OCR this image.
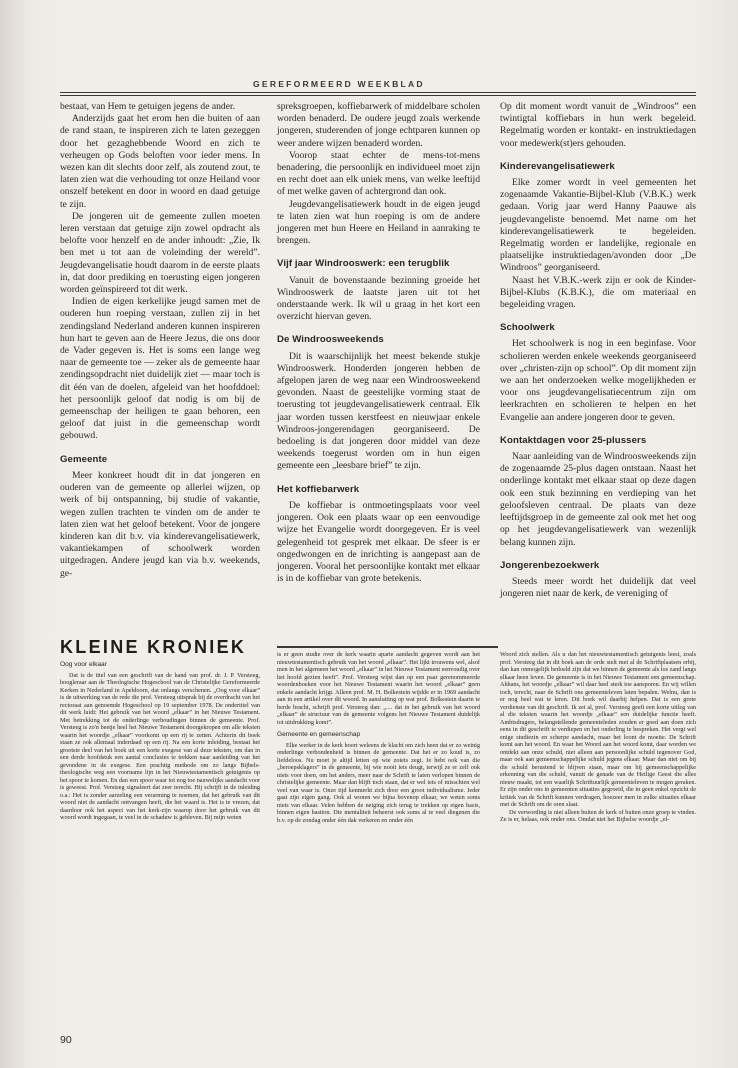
GEREFORMEERD WEEKBLAD

bestaat, van Hem te getuigen jegens de ander.

Anderzijds gaat het erom hen die buiten of aan de rand staan, te inspireren zich te laten gezeggen door het gezaghebbende Woord en zich te verheugen op Gods beloften voor ieder mens. In wezen kan dit slechts door zelf, als zoutend zout, te laten zien wat die verhouding tot onze Heiland voor onszelf betekent en door in woord en daad getuige te zijn.

De jongeren uit de gemeente zullen moeten leren verstaan dat getuige zijn zowel opdracht als belofte voor henzelf en de ander inhoudt: „Zie, Ik ben met u tot aan de voleinding der wereld”. Jeugdevangelisatie houdt daarom in de eerste plaats in, dat door prediking en toerusting eigen jongeren worden geïnspireerd tot dit werk.

Indien de eigen kerkelijke jeugd samen met de ouderen hun roeping verstaan, zullen zij in het zendingsland Nederland anderen kunnen inspireren hun hart te geven aan de Heere Jezus, die ons door de Vader gegeven is. Het is soms een lange weg naar de gemeente toe — zeker als de gemeente haar zendingsopdracht niet duidelijk ziet — maar toch is dit één van de doelen, afgeleid van het hoofddoel: het persoonlijk geloof dat nodig is om bij de gemeenschap der heiligen te gaan behoren, een geloof dat juist in die gemeenschap wordt gebouwd.

Gemeente

Meer konkreet houdt dit in dat jongeren en ouderen van de gemeente op allerlei wijzen, op werk of bij ontspanning, bij studie of vakantie, wegen zullen trachten te vinden om de ander te laten zien wat het geloof betekent. Voor de jongere kinderen kan dit b.v. via kinderevangelisatiewerk, vakantiekampen of schoolwerk worden uitgedragen. Andere jeugd kan via b.v. weekends, ge-

spreksgroepen, koffiebarwerk of middelbare scholen worden benaderd. De oudere jeugd zoals werkende jongeren, studerenden of jonge echtparen kunnen op weer andere wijzen benaderd worden.

Voorop staat echter de mens-tot-mens benadering, die persoonlijk en individueel moet zijn en recht doet aan elk uniek mens, van welke leeftijd of met welke gaven of achtergrond dan ook.

Jeugdevangelisatiewerk houdt in de eigen jeugd te laten zien wat hun roeping is om de andere jongeren met hun Heere en Heiland in aanraking te brengen.

Vijf jaar Windrooswerk: een terugblik

Vanuit de bovenstaande bezinning groeide het Windrooswerk de laatste jaren uit tot het onderstaande werk. Ik wil u graag in het kort een overzicht hiervan geven.

De Windroosweekends

Dit is waarschijnlijk het meest bekende stukje Windrooswerk. Honderden jongeren hebben de afgelopen jaren de weg naar een Windroosweekend gevonden. Naast de geestelijke vorming staat de toerusting tot jeugdevangelisatiewerk centraal. Elk jaar worden tussen kerstfeest en nieuwjaar enkele Windroos-jongerendagen georganiseerd. De bedoeling is dat jongeren door middel van deze weekends toegerust worden om in hun eigen gemeente een „leesbare brief” te zijn.

Het koffiebarwerk

De koffiebar is ontmoetingsplaats voor veel jongeren. Ook een plaats waar op een eenvoudige wijze het Evangelie wordt doorgegeven. Er is veel gelegenheid tot gesprek met elkaar. De sfeer is er ongedwongen en de inrichting is aangepast aan de jongeren. Vooral het persoonlijke kontakt met elkaar is in de koffiebar van grote betekenis.

Op dit moment wordt vanuit de „Windroos” een twintigtal koffiebars in hun werk begeleid. Regelmatig worden er kontakt- en instruktiedagen voor medewerk(st)ers gehouden.

Kinderevangelisatiewerk

Elke zomer wordt in veel gemeenten het zogenaamde Vakantie-Bijbel-Klub (V.B.K.) werk gedaan. Vorig jaar werd Hanny Paauwe als jeugdevangeliste benoemd. Met name om het kinderevangelisatiewerk te begeleiden. Regelmatig worden er landelijke, regionale en plaatselijke instruktiedagen/avonden door „De Windroos” georganiseerd.

Naast het V.B.K.-werk zijn er ook de Kinder-Bijbel-Klubs (K.B.K.), die om materiaal en begeleiding vragen.

Schoolwerk

Het schoolwerk is nog in een beginfase. Voor scholieren werden enkele weekends georganiseerd over „christen-zijn op school”. Op dit moment zijn we aan het onderzoeken welke mogelijkheden er voor ons jeugdevangelisatiecentrum zijn om leerkrachten en scholieren te helpen en het Evangelie aan andere jongeren door te geven.

Kontaktdagen voor 25-plussers

Naar aanleiding van de Windroosweekends zijn de zogenaamde 25-plus dagen ontstaan. Naast het onderlinge kontakt met elkaar staat op deze dagen ook een stuk bezinning en verdieping van het geloofsleven centraal. De plaats van deze leeftijdsgroep in de gemeente zal ook met het oog op het jeugdevangelisatiewerk van wezenlijk belang kunnen zijn.

Jongerenbezoekwerk

Steeds meer wordt het duidelijk dat veel jongeren niet naar de kerk, de vereniging of

KLEINE KRONIEK
Oog voor elkaar

Dat is de titel van een geschrift van de hand van prof. dr. J. P. Versteeg, hoogleraar aan de Theologische Hogeschool van de Christelijke Gereformeerde Kerken in Nederland in Apeldoorn, dat onlangs verschenen. „Oog voor elkaar” is de uitwerking van de rede die prof. Versteeg uitsprak bij de overdracht van het rectoraat aan genoemde Hogeschool op 19 september 1978. De ondertitel van dit werk luidt: Het gebruik van het woord „elkaar” in het Nieuwe Testament. Met betrekking tot de onderlinge verhoudingen binnen de gemeente. Prof. Versteeg is zo'n beetje heel het Nieuwe Testament doorgekropen om alle teksten waarin het woordje „elkaar” voorkomt op een rij te zetten. Achterin dit boek staan ze ook allemaal inderdaad op een rij. Na een korte inleiding, bestaat het grootste deel van het boek uit een korte exegese van al deze teksten, om dan in een derde hoofdstuk een aantal conclusies te trekken naar aanleiding van het gevondene in de exegese. Een prachtig methode om zo langs Bijbels-theologische weg een voorname lijn in het Nieuwtestamentisch getuigenis op het spoor te komen. En dan een spoor waar tot nog toe nauwelijks aandacht voor is geweest. Prof. Versteeg signaleert dat zeer terecht. Hij schrijft in de inleiding o.a.: Het is zonder aarzeling een verarming te noemen, dat het gebruik van dit woord niet de aandacht ontvangen heeft, die het waard is. Het is te vrezen, dat daardoor ook het aspect van het kerk-zijn waarop door het gebruik van dit woord wordt ingegaan, te veel in de schaduw is gebleven. Bij mijn weten

is er geen studie over de kerk waarin aparte aandacht gegeven wordt aan het nieuwtestamentisch gebruik van het woord „elkaar”. Het lijkt trouwens wel, alsof men in het algemeen het woord „elkaar” in het Nieuwe Testament eenvoudig over het hoofd gezien heeft”. Prof. Versteeg wijst dan op een paar gerenommeerde woordenboeken voor het Nieuwe Testament waarin het woord „elkaar” geen enkele aandacht krijgt. Alleen prof. M. H. Bolkestein wijdde er in 1969 aandacht aan in een artikel over dit woord. In aansluiting op wat prof. Bolkestein daarin te berde bracht, schrijft prof. Versteeg dan: „.... dat in het gebruik van het woord „elkaar” de structuur van de gemeente volgens het Nieuwe Testament duidelijk tot uitdrukking komt”.

Gemeente en gemeenschap

Elke werker in de kerk hoort weleens de klacht om zich heen dat er zo weinig onderlinge verbondenheid is binnen de gemeente. Dat het er zo koud is, zo liefdeloos. Nu moet je altijd letten op wie zoiets zegt. Je hebt ook van die „beroepsklagers” in de gemeente, bij wie nooit iets deugt, terwijl ze er zelf ook niets voor doen, om het anders, meer naar de Schrift te laten verlopen binnen de christelijke gemeente. Maar dan blijft toch staan, dat er wel iets of misschien wel veel van waar is. Onze tijd kenmerkt zich door een groot individualisme. Ieder gaat zijn eigen gang. Ook al wonen we bijna bovenop elkaar, we weten soms niets van elkaar. Velen hebben de neiging zich terug te trekken op eigen basis, binnen eigen bastion. Die mentaliteit beheerst ook soms al te veel diegenen die b.v. op de zondag onder één dak verkeren en onder één

Woord zich stellen. Als u dan het nieuwtestamentisch getuigenis leest, zoals prof. Versteeg dat in dit boek aan de orde stelt met al de Schriftplaatsen erbij, dan kan onmogelijk bedoeld zijn dat we binnen de gemeente als los zand langs elkaar heen leven. De gemeente is in het Nieuwe Testament een gemeenschap. Ahhans, het woordje „elkaar” wil daar heel sterk toe aansporen. En wij willen toch, terecht, naar de Schrift ons gemeenteleven laten bepalen. Welnu, dan is er nog heel wat te leren. Dit boek wil daarbij helpen. Dat is een grote verdienste van dit geschrift. Ik zei al, prof. Versteeg geeft een korte uitleg van al die teksten waarin het woordje „elkaar” een duidelijke functie heeft. Ambtsdragers, belangstellende gemeenteleden zouden er goed aan doen zich eens in dit geschrift te verdiepen en het onderling te bespreken. Het vergt wel enige studiezin en scherpe aandacht, maar het loont de moeite. De Schrift komt aan het woord. En waar het Woord aan het woord komt, daar worden we ontdekt aan onze schuld, niet alleen aan persoonlijke schuld tegenover God, maar ook aan gemeenschappelijke schuld jegens elkaar. Maar dan niet om bij die schuld berustend te blijven staan, maar om bij gemeenschappelijke erkenning van die schuld, vanuit de genade van de Heilige Geest die alles nieuw maakt, tot een waarlijk Schriftuurlijk gemeenteleven te mogen geraken. Er zijn onder ons in gemeenten situaties gegroeid, die in geen enkel opzicht de kritiek van de Schrift kunnen verdragen, hoezeer men in zulke situaties elkaar met de Schrift om de oren slaat.

De verwording is niet alleen buiten de kerk of buiten onze groep te vinden. Ze is er, helaas, ook onder ons. Omdat niet het Bijbelse woordje „el-

90
